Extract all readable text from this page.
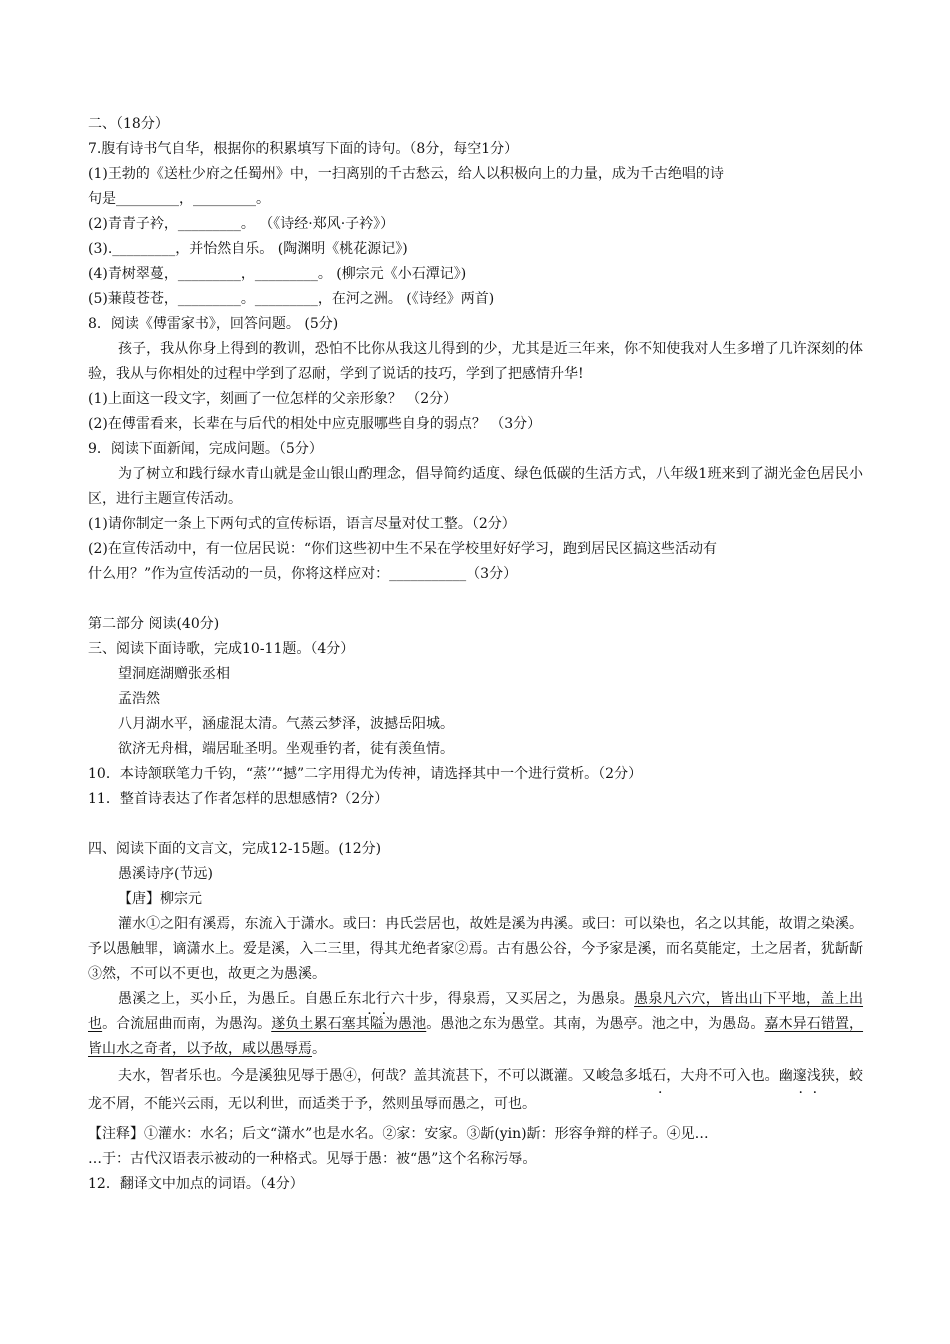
二、（18分）
7.腹有诗书气自华，根据你的积累填写下面的诗句。（8分，每空1分）
(1)王勃的《送杜少府之任蜀州》中，一扫离别的千古愁云，给人以积极向上的力量，成为千古绝唱的诗
句是_________，_________。
(2)青青子衿，_________。 （《诗经·郑风·子衿》）
(3)._________，并怡然自乐。 (陶渊明《桃花源记》)
(4)青树翠蔓，_________，_________。 (柳宗元《小石潭记》)
(5)蒹葭苍苍，_________。_________，在河之洲。 (《诗经》两首)
8．阅读《傅雷家书》，回答问题。 (5分)
孩子，我从你身上得到的教训，恐怕不比你从我这儿得到的少，尤其是近三年来，你不知使我对人生多增了几许深刻的体验，我从与你相处的过程中学到了忍耐，学到了说话的技巧，学到了把感情升华!
(1)上面这一段文字，刻画了一位怎样的父亲形象？ （2分）
(2)在傅雷看来，长辈在与后代的相处中应克服哪些自身的弱点？ （3分）
9．阅读下面新闻，完成问题。（5分）
为了树立和践行绿水青山就是金山银山酌理念，倡导简约适度、绿色低碳的生活方式，八年级1班来到了湖光金色居民小区，进行主题宣传活动。
(1)请你制定一条上下两句式的宣传标语，语言尽量对仗工整。（2分）
(2)在宣传活动中，有一位居民说：“你们这些初中生不呆在学校里好好学习，跑到居民区搞这些活动有
什么用？”作为宣传活动的一员，你将这样应对：___________（3分）
第二部分 阅读(40分)
三、阅读下面诗歌，完成10-11题。（4分）
望洞庭湖赠张丞相
孟浩然
八月湖水平，涵虚混太清。气蒸云梦泽，波撼岳阳城。
欲济无舟楫，端居耻圣明。坐观垂钓者，徒有羡鱼情。
10．本诗颔联笔力千钧，“蒸’’“撼”二字用得尤为传神，请选择其中一个进行赏析。（2分）
11．整首诗表达了作者怎样的思想感情?（2分）
四、阅读下面的文言文，完成12-15题。(12分)
愚溪诗序(节远)
【唐】柳宗元
灌水①之阳有溪焉，东流入于潇水。或曰：冉氏尝居也，故姓是溪为冉溪。或曰：可以染也，名之以其能，故谓之染溪。予以愚触罪，谪潇水上。爱是溪，入二三里，得其尤绝者家②焉。古有愚公谷，今予家是溪，而名莫能定，土之居者，犹龂龂③然，不可以不更也，故更之为愚溪。
愚溪之上，买小丘，为愚丘。自愚丘东北行六十步，得泉焉，又买居之，为愚泉。愚泉凡六穴，皆出山下平地，盖上出也。合流屈曲而南，为愚沟。遂负土累石塞其隘为愚池。愚池之东为愚堂。其南，为愚亭。池之中，为愚岛。嘉木异石错置，皆山水之奇者，以予故，咸以愚辱焉。
夫水，智者乐也。今是溪独见辱于愚④，何哉？盖其流甚下，不可以溉灌。又峻急多坻石，大舟不可入也。幽邃浅狭，蛟龙不屑，不能兴云雨，无以利世，而适类于予，然则虽辱而愚之，可也。
【注释】①灌水：水名；后文“潇水”也是水名。②家：安家。③龂(yin)龂：形容争辩的样子。④见…
…于：古代汉语表示被动的一种格式。见辱于愚：被“愚”这个名称污辱。
12．翻译文中加点的词语。（4分）
